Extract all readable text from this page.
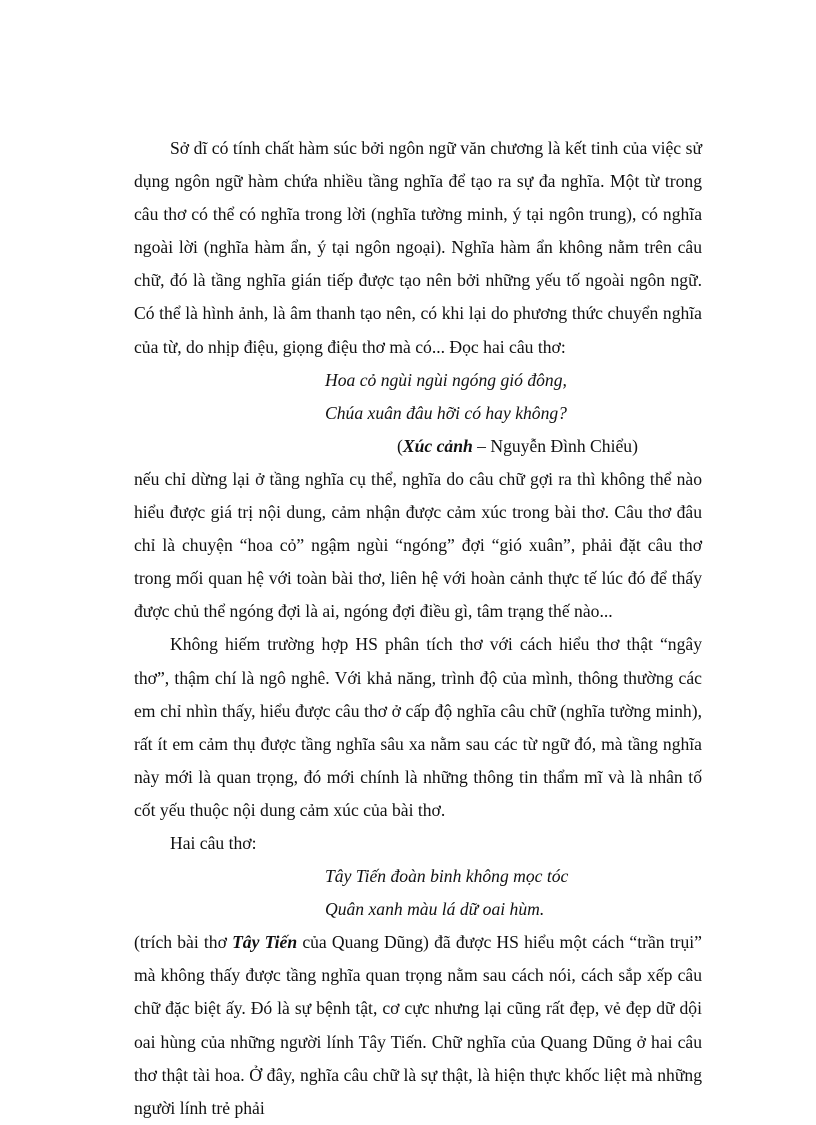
Sở dĩ có tính chất hàm súc bởi ngôn ngữ văn chương là kết tinh của việc sử dụng ngôn ngữ hàm chứa nhiều tầng nghĩa để tạo ra sự đa nghĩa. Một từ trong câu thơ có thể có nghĩa trong lời (nghĩa tường minh, ý tại ngôn trung), có nghĩa ngoài lời (nghĩa hàm ẩn, ý tại ngôn ngoại). Nghĩa hàm ẩn không nằm trên câu chữ, đó là tầng nghĩa gián tiếp được tạo nên bởi những yếu tố ngoài ngôn ngữ. Có thể là hình ảnh, là âm thanh tạo nên, có khi lại do phương thức chuyển nghĩa của từ, do nhịp điệu, giọng điệu thơ mà có... Đọc hai câu thơ:

Hoa cỏ ngùi ngùi ngóng gió đông,
Chúa xuân đâu hỡi có hay không?

(Xúc cảnh – Nguyễn Đình Chiểu)

nếu chỉ dừng lại ở tầng nghĩa cụ thể, nghĩa do câu chữ gợi ra thì không thể nào hiểu được giá trị nội dung, cảm nhận được cảm xúc trong bài thơ. Câu thơ đâu chỉ là chuyện “hoa cỏ” ngậm ngùi “ngóng” đợi “gió xuân”, phải đặt câu thơ trong mối quan hệ với toàn bài thơ, liên hệ với hoàn cảnh thực tế lúc đó để thấy được chủ thể ngóng đợi là ai, ngóng đợi điều gì, tâm trạng thế nào...

Không hiếm trường hợp HS phân tích thơ với cách hiểu thơ thật “ngây thơ”, thậm chí là ngô nghê. Với khả năng, trình độ của mình, thông thường các em chỉ nhìn thấy, hiểu được câu thơ ở cấp độ nghĩa câu chữ (nghĩa tường minh), rất ít em cảm thụ được tầng nghĩa sâu xa nằm sau các từ ngữ đó, mà tầng nghĩa này mới là quan trọng, đó mới chính là những thông tin thẩm mĩ và là nhân tố cốt yếu thuộc nội dung cảm xúc của bài thơ.

Hai câu thơ:

Tây Tiến đoàn binh không mọc tóc
Quân xanh màu lá dữ oai hùm.

(trích bài thơ Tây Tiến của Quang Dũng) đã được HS hiểu một cách “trần trụi” mà không thấy được tầng nghĩa quan trọng nằm sau cách nói, cách sắp xếp câu chữ đặc biệt ấy. Đó là sự bệnh tật, cơ cực nhưng lại cũng rất đẹp, vẻ đẹp dữ dội oai hùng của những người lính Tây Tiến. Chữ nghĩa của Quang Dũng ở hai câu thơ thật tài hoa. Ở đây, nghĩa câu chữ là sự thật, là hiện thực khốc liệt mà những người lính trẻ phải
